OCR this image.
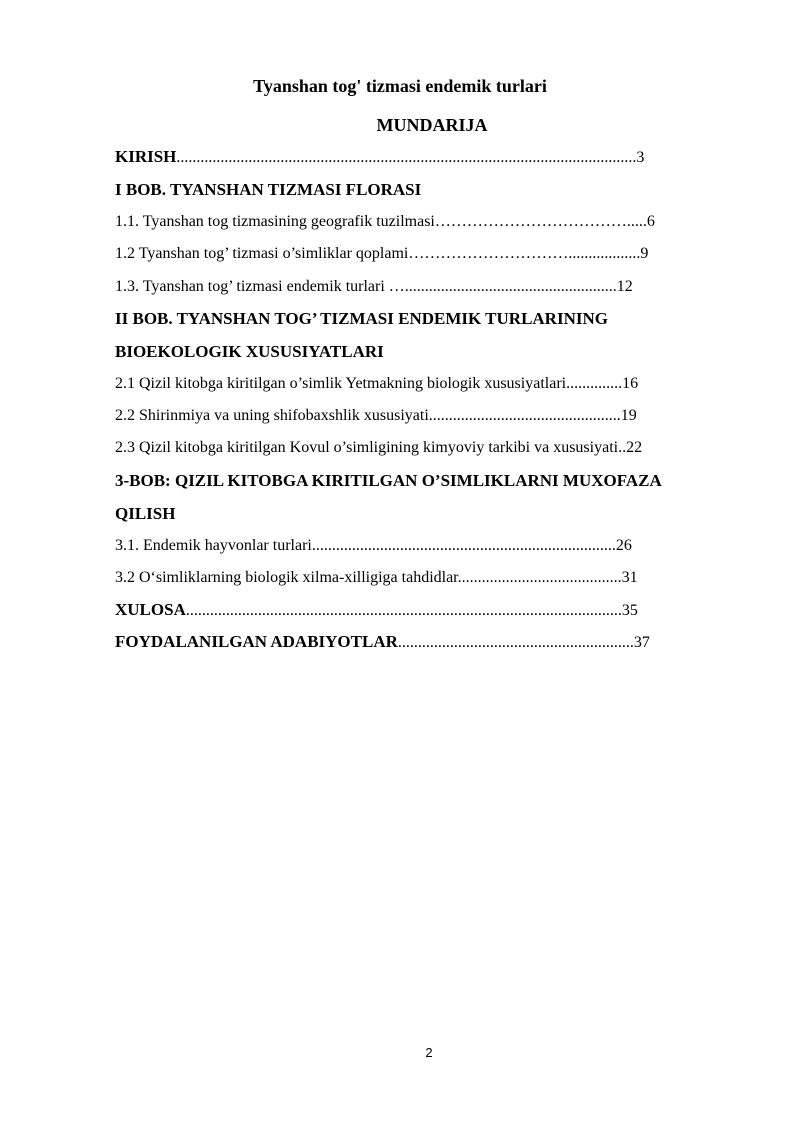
Tyanshan tog' tizmasi endemik turlari
MUNDARIJA
KIRISH...................................................................................................................3
I BOB. TYANSHAN TIZMASI FLORASI
1.1. Tyanshan tog tizmasining geografik tuzilmasi……………………………….....6
1.2 Tyanshan tog’ tizmasi o’simliklar qoplami…………………………..................9
1.3. Tyanshan tog’ tizmasi endemik turlari ….....................................................12
II BOB. TYANSHAN TOG’ TIZMASI ENDEMIK TURLARINING
BIOEKOLOGIK XUSUSIYATLARI
2.1 Qizil kitobga kiritilgan o’simlik Yetmakning biologik xususiyatlari..............16
2.2 Shirinmiya va uning shifobaxshlik xususiyati................................................19
2.3 Qizil kitobga kiritilgan Kovul o’simligining kimyoviy tarkibi va xususiyati..22
3-BOB: QIZIL KITOBGA KIRITILGAN O’SIMLIKLARNI MUXOFAZA
QILISH
3.1. Endemik hayvonlar turlari............................................................................26
3.2 O‘simliklarning biologik xilma-xilligiga tahdidlar.........................................31
XULOSA.............................................................................................................35
FOYDALANILGAN ADABIYOTLAR...........................................................37
2
